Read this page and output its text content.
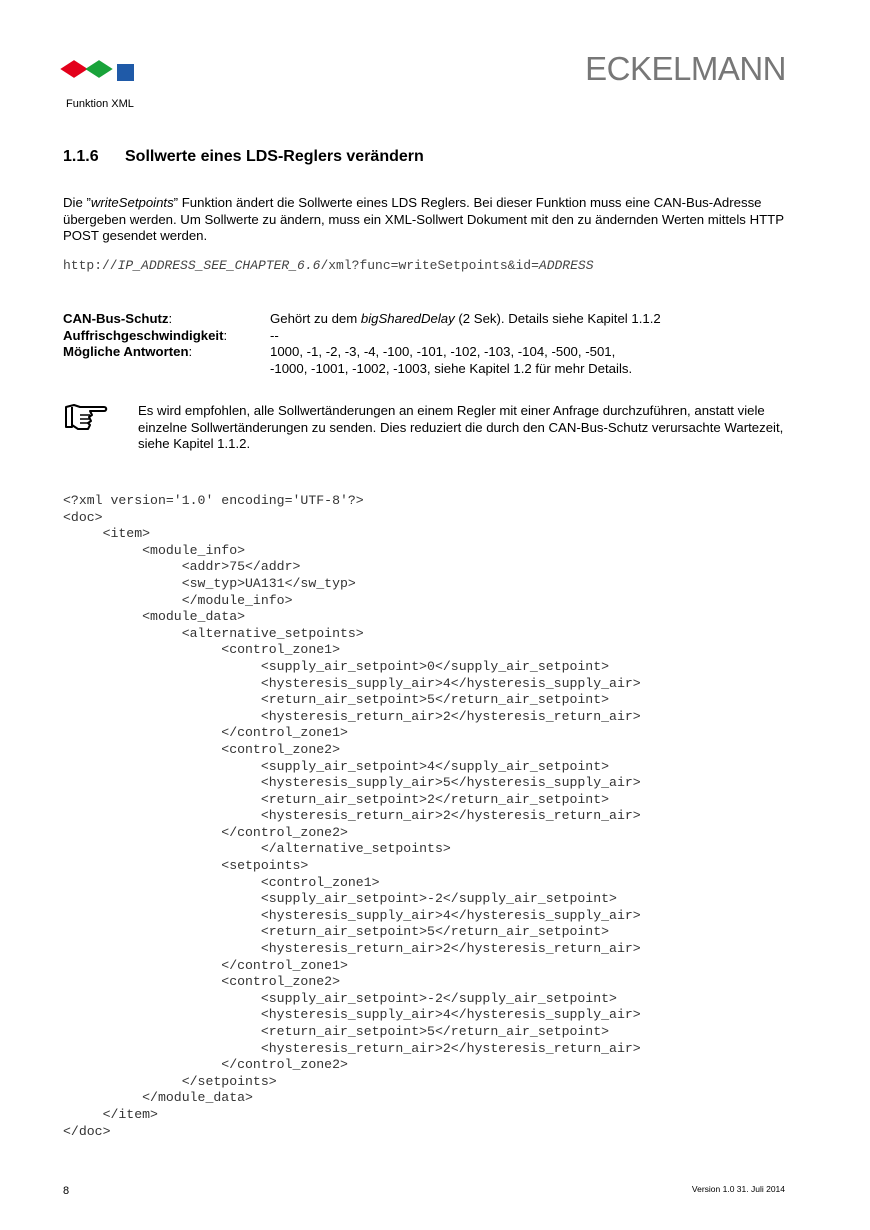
ECKELMANN
Funktion XML
1.1.6 Sollwerte eines LDS-Reglers verändern
Die ”writeSetpoints” Funktion ändert die Sollwerte eines LDS Reglers. Bei dieser Funktion muss eine CAN-Bus-Adresse übergeben werden. Um Sollwerte zu ändern, muss ein XML-Sollwert Dokument mit den zu ändernden Werten mittels HTTP POST gesendet werden.
http://IP_ADDRESS_SEE_CHAPTER_6.6/xml?func=writeSetpoints&id=ADDRESS
CAN-Bus-Schutz:	Gehört zu dem bigSharedDelay (2 Sek). Details siehe Kapitel 1.1.2
Auffrischgeschwindigkeit:	--
Mögliche Antworten:	1000, -1, -2, -3, -4, -100, -101, -102, -103, -104, -500, -501,
-1000, -1001, -1002, -1003, siehe Kapitel 1.2 für mehr Details.
Es wird empfohlen, alle Sollwertänderungen an einem Regler mit einer Anfrage durchzuführen, anstatt viele einzelne Sollwertänderungen zu senden. Dies reduziert die durch den CAN-Bus-Schutz verursachte Wartezeit, siehe Kapitel 1.1.2.
<?xml version='1.0' encoding='UTF-8'?>
<doc>
<item>
<module_info>
<addr>75</addr>
<sw_typ>UA131</sw_typ>
</module_info>
<module_data>
<alternative_setpoints>
<control_zone1>
<supply_air_setpoint>0</supply_air_setpoint>
<hysteresis_supply_air>4</hysteresis_supply_air>
<return_air_setpoint>5</return_air_setpoint>
<hysteresis_return_air>2</hysteresis_return_air>
</control_zone1>
<control_zone2>
<supply_air_setpoint>4</supply_air_setpoint>
<hysteresis_supply_air>5</hysteresis_supply_air>
<return_air_setpoint>2</return_air_setpoint>
<hysteresis_return_air>2</hysteresis_return_air>
</control_zone2>
</alternative_setpoints>
<setpoints>
<control_zone1>
<supply_air_setpoint>-2</supply_air_setpoint>
<hysteresis_supply_air>4</hysteresis_supply_air>
<return_air_setpoint>5</return_air_setpoint>
<hysteresis_return_air>2</hysteresis_return_air>
</control_zone1>
<control_zone2>
<supply_air_setpoint>-2</supply_air_setpoint>
<hysteresis_supply_air>4</hysteresis_supply_air>
<return_air_setpoint>5</return_air_setpoint>
<hysteresis_return_air>2</hysteresis_return_air>
</control_zone2>
</setpoints>
</module_data>
</item>
</doc>
8	Version 1.0 31. Juli 2014
